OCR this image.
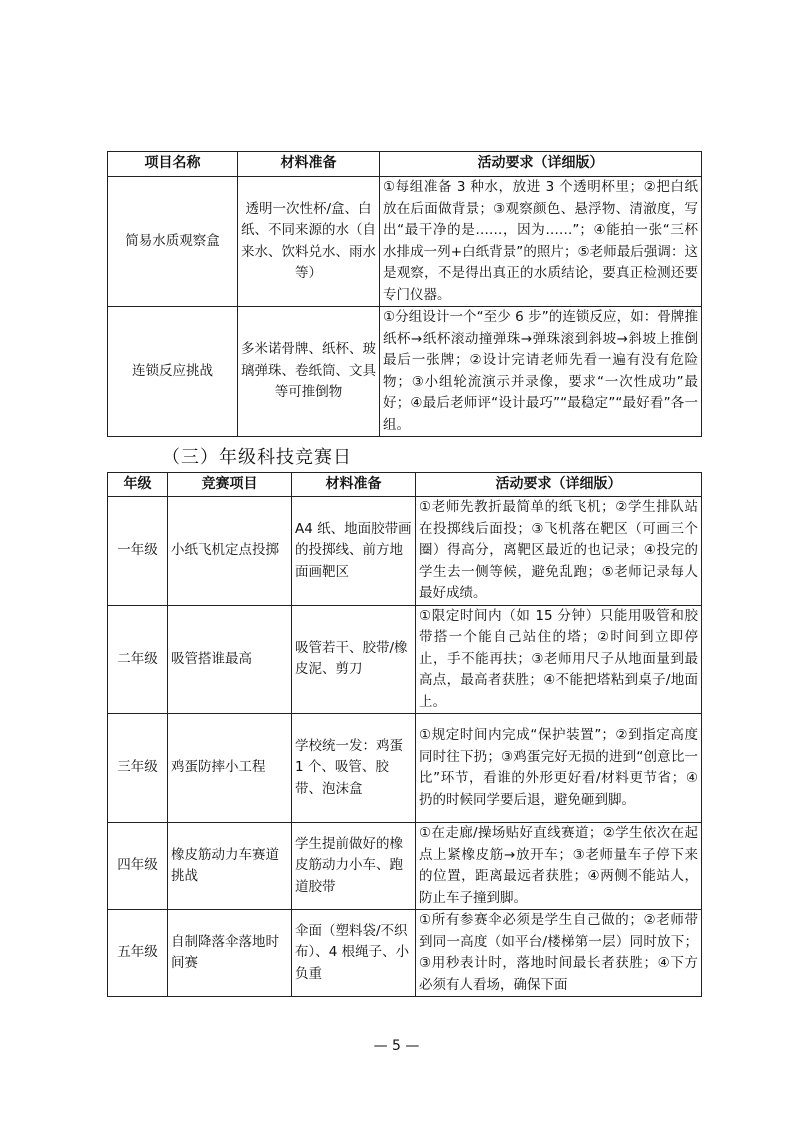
项目名称	材料准备	活动要求（详细版）
简易水质观察盒	透明一次性杯/盒、白纸、不同来源的水（自来水、饮料兑水、雨水等）	①每组准备 3 种水，放进 3 个透明杯里；②把白纸放在后面做背景；③观察颜色、悬浮物、清澈度，写出“最干净的是……，因为……”；④能拍一张“三杯水排成一列+白纸背景”的照片；⑤老师最后强调：这是观察，不是得出真正的水质结论，要真正检测还要专门仪器。
连锁反应挑战	多米诺骨牌、纸杯、玻璃弹珠、卷纸筒、文具等可推倒物	①分组设计一个“至少 6 步”的连锁反应，如：骨牌推纸杯→纸杯滚动撞弹珠→弹珠滚到斜坡→斜坡上推倒最后一张牌；②设计完请老师先看一遍有没有危险物；③小组轮流演示并录像，要求“一次性成功”最好；④最后老师评“设计最巧”“最稳定”“最好看”各一组。
（三）年级科技竞赛日
年级	竞赛项目	材料准备	活动要求（详细版）
一年级	小纸飞机定点投掷	A4 纸、地面胶带画的投掷线、前方地面画靶区	①老师先教折最简单的纸飞机；②学生排队站在投掷线后面投；③飞机落在靶区（可画三个圈）得高分，离靶区最近的也记录；④投完的学生去一侧等候，避免乱跑；⑤老师记录每人最好成绩。
二年级	吸管搭谁最高	吸管若干、胶带/橡皮泥、剪刀	①限定时间内（如 15 分钟）只能用吸管和胶带搭一个能自己站住的塔；②时间到立即停止，手不能再扶；③老师用尺子从地面量到最高点，最高者获胜；④不能把塔粘到桌子/地面上。
三年级	鸡蛋防摔小工程	学校统一发：鸡蛋 1 个、吸管、胶带、泡沫盒	①规定时间内完成“保护装置”；②到指定高度同时往下扔；③鸡蛋完好无损的进到“创意比一比”环节，看谁的外形更好看/材料更节省；④扔的时候同学要后退，避免砸到脚。
四年级	橡皮筋动力车赛道挑战	学生提前做好的橡皮筋动力小车、跑道胶带	①在走廊/操场贴好直线赛道；②学生依次在起点上紧橡皮筋→放开车；③老师量车子停下来的位置，距离最远者获胜；④两侧不能站人，防止车子撞到脚。
五年级	自制降落伞落地时间赛	伞面（塑料袋/不织布）、4 根绳子、小负重	①所有参赛伞必须是学生自己做的；②老师带到同一高度（如平台/楼梯第一层）同时放下；③用秒表计时，落地时间最长者获胜；④下方必须有人看场，确保下面
— 5 —
